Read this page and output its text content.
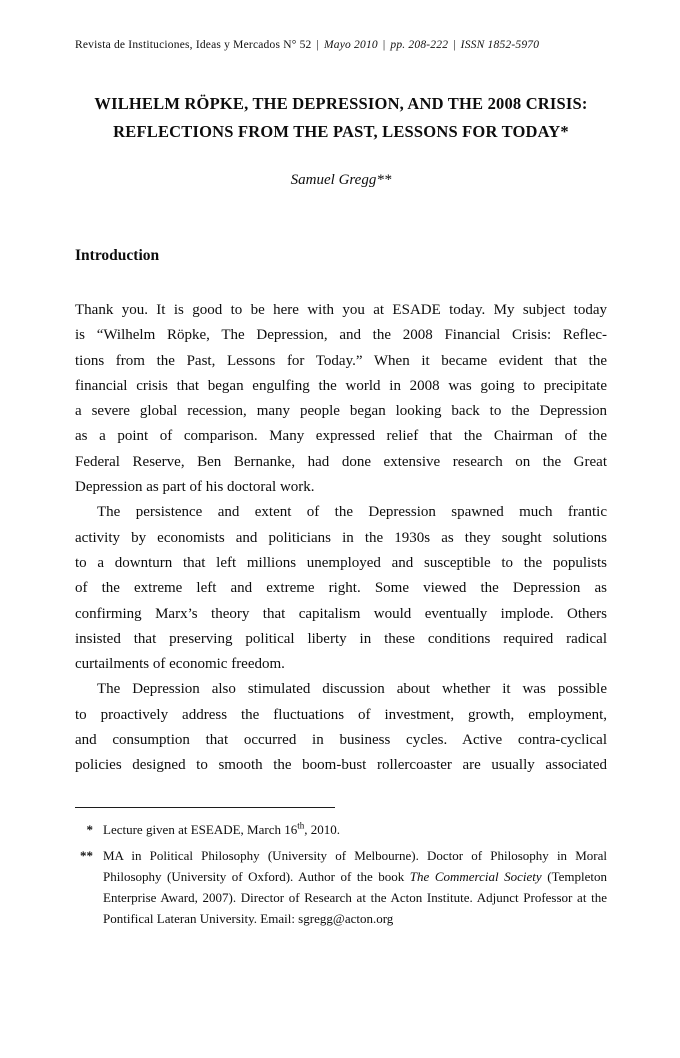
Revista de Instituciones, Ideas y Mercados N° 52 | Mayo 2010 | pp. 208-222 | ISSN 1852-5970
WILHELM RÖPKE, THE DEPRESSION, AND THE 2008 CRISIS:
REFLECTIONS FROM THE PAST, LESSONS FOR TODAY*
Samuel Gregg**
Introduction
Thank you. It is good to be here with you at ESADE today. My subject today
is “Wilhelm Röpke, The Depression, and the 2008 Financial Crisis: Reflec-
tions from the Past, Lessons for Today.” When it became evident that the
financial crisis that began engulfing the world in 2008 was going to precipitate
a severe global recession, many people began looking back to the Depression
as a point of comparison. Many expressed relief that the Chairman of the
Federal Reserve, Ben Bernanke, had done extensive research on the Great
Depression as part of his doctoral work.
The persistence and extent of the Depression spawned much frantic
activity by economists and politicians in the 1930s as they sought solutions
to a downturn that left millions unemployed and susceptible to the populists
of the extreme left and extreme right. Some viewed the Depression as
confirming Marx’s theory that capitalism would eventually implode. Others
insisted that preserving political liberty in these conditions required radical
curtailments of economic freedom.
The Depression also stimulated discussion about whether it was possible
to proactively address the fluctuations of investment, growth, employment,
and consumption that occurred in business cycles. Active contra-cyclical
policies designed to smooth the boom-bust rollercoaster are usually associated
* Lecture given at ESEADE, March 16th, 2010.
** MA in Political Philosophy (University of Melbourne). Doctor of Philosophy in Moral Philosophy (University of Oxford). Author of the book The Commercial Society (Templeton Enterprise Award, 2007). Director of Research at the Acton Institute. Adjunct Professor at the Pontifical Lateran University. Email: sgregg@acton.org
